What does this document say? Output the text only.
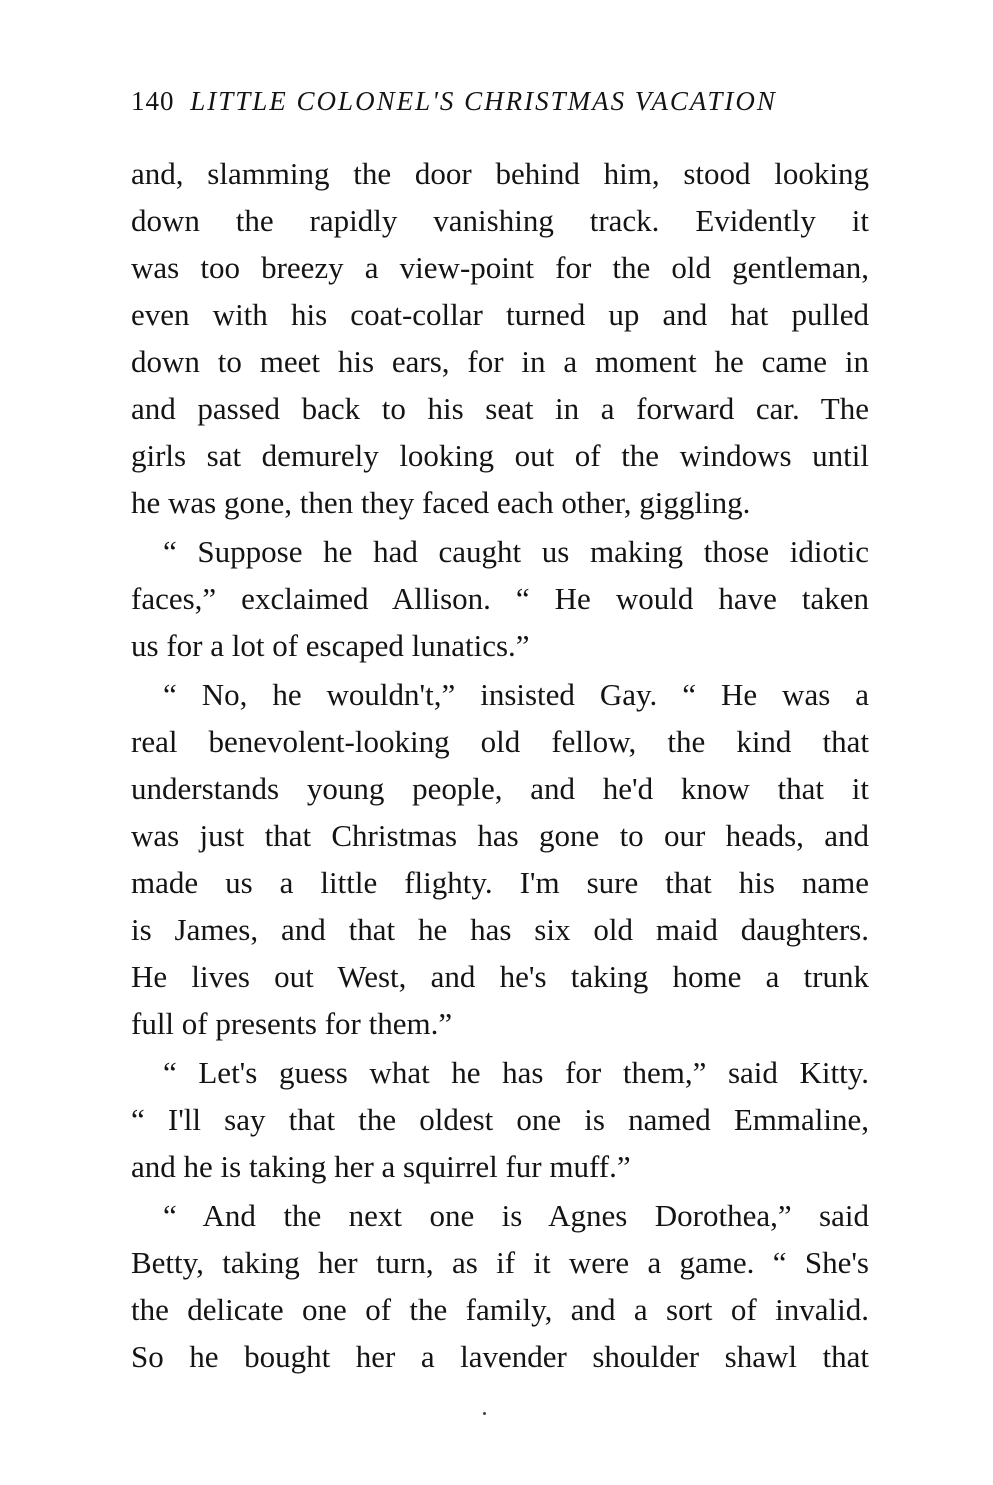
140 LITTLE COLONEL'S CHRISTMAS VACATION
and, slamming the door behind him, stood looking
down the rapidly vanishing track. Evidently it
was too breezy a view-point for the old gentleman,
even with his coat-collar turned up and hat pulled
down to meet his ears, for in a moment he came in
and passed back to his seat in a forward car. The
girls sat demurely looking out of the windows until
he was gone, then they faced each other, giggling.
“ Suppose he had caught us making those idiotic
faces,” exclaimed Allison. “ He would have taken
us for a lot of escaped lunatics.”
“ No, he wouldn't,” insisted Gay. “ He was a
real benevolent-looking old fellow, the kind that
understands young people, and he'd know that it
was just that Christmas has gone to our heads, and
made us a little flighty. I'm sure that his name
is James, and that he has six old maid daughters.
He lives out West, and he's taking home a trunk
full of presents for them.”
“ Let's guess what he has for them,” said Kitty.
“ I'll say that the oldest one is named Emmaline,
and he is taking her a squirrel fur muff.”
“ And the next one is Agnes Dorothea,” said
Betty, taking her turn, as if it were a game. “ She's
the delicate one of the family, and a sort of invalid.
So he bought her a lavender shoulder shawl that
